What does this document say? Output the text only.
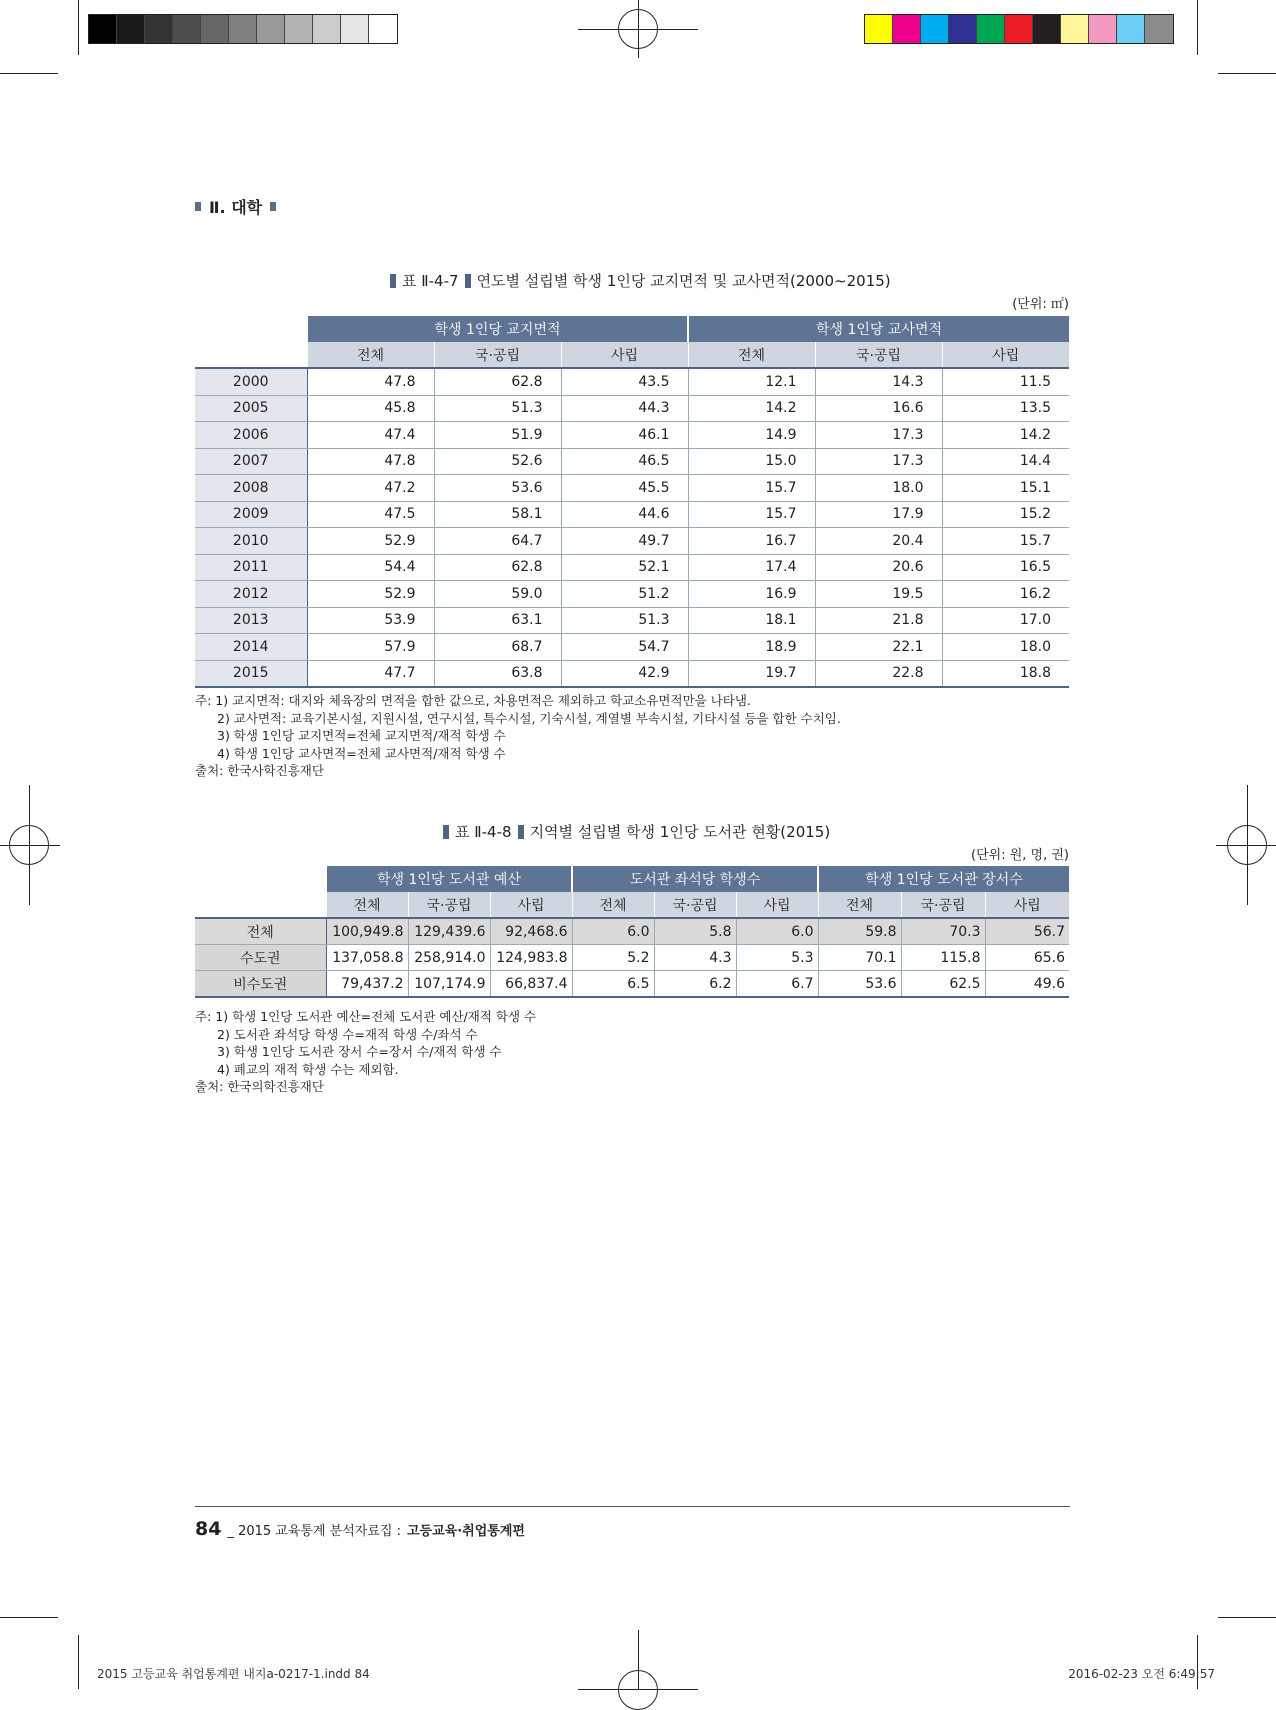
Ⅱ. 대학
표 Ⅱ-4-7 연도별 설립별 학생 1인당 교지면적 및 교사면적(2000∼2015)
(단위: ㎡)
	학생 1인당 교지면적			학생 1인당 교사면적		
	전체	국·공립	사립	전체	국·공립	사립
2000	47.8	62.8	43.5	12.1	14.3	11.5
2005	45.8	51.3	44.3	14.2	16.6	13.5
2006	47.4	51.9	46.1	14.9	17.3	14.2
2007	47.8	52.6	46.5	15.0	17.3	14.4
2008	47.2	53.6	45.5	15.7	18.0	15.1
2009	47.5	58.1	44.6	15.7	17.9	15.2
2010	52.9	64.7	49.7	16.7	20.4	15.7
2011	54.4	62.8	52.1	17.4	20.6	16.5
2012	52.9	59.0	51.2	16.9	19.5	16.2
2013	53.9	63.1	51.3	18.1	21.8	17.0
2014	57.9	68.7	54.7	18.9	22.1	18.0
2015	47.7	63.8	42.9	19.7	22.8	18.8
주: 1) 교지면적: 대지와 체육장의 면적을 합한 값으로, 차용면적은 제외하고 학교소유면적만을 나타냄.
2) 교사면적: 교육기본시설, 지원시설, 연구시설, 특수시설, 기숙시설, 계열별 부속시설, 기타시설 등을 합한 수치임.
3) 학생 1인당 교지면적=전체 교지면적/재적 학생 수
4) 학생 1인당 교사면적=전체 교사면적/재적 학생 수
출처: 한국사학진흥재단
표 Ⅱ-4-8 지역별 설립별 학생 1인당 도서관 현황(2015)
(단위: 원, 명, 권)
	학생 1인당 도서관 예산			도서관 좌석당 학생수			학생 1인당 도서관 장서수		
	전체	국·공립	사립	전체	국·공립	사립	전체	국·공립	사립
전체	100,949.8	129,439.6	92,468.6	6.0	5.8	6.0	59.8	70.3	56.7
수도권	137,058.8	258,914.0	124,983.8	5.2	4.3	5.3	70.1	115.8	65.6
비수도권	79,437.2	107,174.9	66,837.4	6.5	6.2	6.7	53.6	62.5	49.6
주: 1) 학생 1인당 도서관 예산=전체 도서관 예산/재적 학생 수
2) 도서관 좌석당 학생 수=재적 학생 수/좌석 수
3) 학생 1인당 도서관 장서 수=장서 수/재적 학생 수
4) 폐교의 재적 학생 수는 제외함.
출처: 한국의학진흥재단
84 _ 2015 교육통계 분석자료집 : 고등교육·취업통계편
2015 고등교육 취업통계편 내지a-0217-1.indd 84	2016-02-23 오전 6:49:57
